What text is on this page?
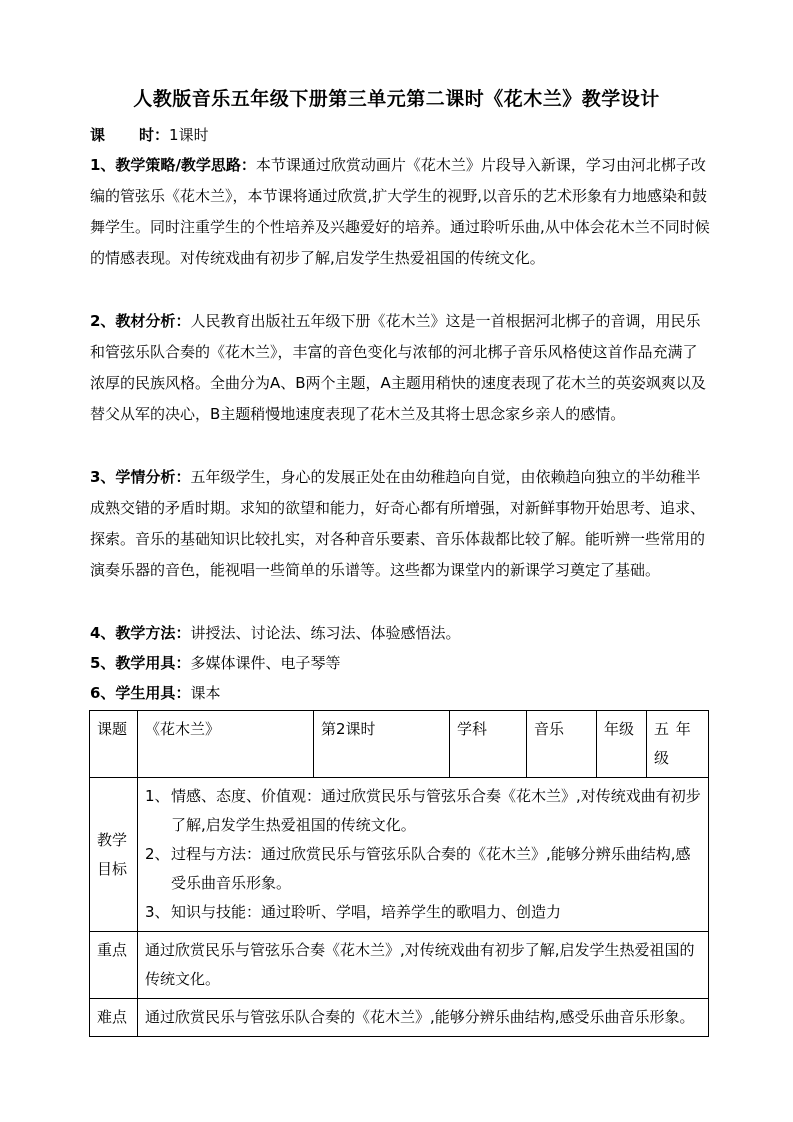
人教版音乐五年级下册第三单元第二课时《花木兰》教学设计
课 时：1课时
1、教学策略/教学思路：本节课通过欣赏动画片《花木兰》片段导入新课，学习由河北梆子改编的管弦乐《花木兰》，本节课将通过欣赏,扩大学生的视野,以音乐的艺术形象有力地感染和鼓舞学生。同时注重学生的个性培养及兴趣爱好的培养。通过聆听乐曲,从中体会花木兰不同时候的情感表现。对传统戏曲有初步了解,启发学生热爱祖国的传统文化。
2、教材分析：人民教育出版社五年级下册《花木兰》这是一首根据河北梆子的音调，用民乐和管弦乐队合奏的《花木兰》，丰富的音色变化与浓郁的河北梆子音乐风格使这首作品充满了浓厚的民族风格。全曲分为A、B两个主题，A主题用稍快的速度表现了花木兰的英姿飒爽以及替父从军的决心，B主题稍慢地速度表现了花木兰及其将士思念家乡亲人的感情。
3、学情分析：五年级学生，身心的发展正处在由幼稚趋向自觉，由依赖趋向独立的半幼稚半成熟交错的矛盾时期。求知的欲望和能力，好奇心都有所增强，对新鲜事物开始思考、追求、探索。音乐的基础知识比较扎实，对各种音乐要素、音乐体裁都比较了解。能听辨一些常用的演奏乐器的音色，能视唱一些简单的乐谱等。这些都为课堂内的新课学习奠定了基础。
4、教学方法：讲授法、讨论法、练习法、体验感悟法。
5、教学用具：多媒体课件、电子琴等
6、学生用具：课本
课题	《花木兰》	第2课时	学科	音乐	年级	五 年级
教学目标	1、情感、态度、价值观：通过欣赏民乐与管弦乐合奏《花木兰》,对传统戏曲有初步了解,启发学生热爱祖国的传统文化。
2、过程与方法：通过欣赏民乐与管弦乐队合奏的《花木兰》,能够分辨乐曲结构,感受乐曲音乐形象。
3、知识与技能：通过聆听、学唱，培养学生的歌唱力、创造力					

重点	通过欣赏民乐与管弦乐合奏《花木兰》,对传统戏曲有初步了解,启发学生热爱祖国的传统文化。					
难点	通过欣赏民乐与管弦乐队合奏的《花木兰》,能够分辨乐曲结构,感受乐曲音乐形象。					
